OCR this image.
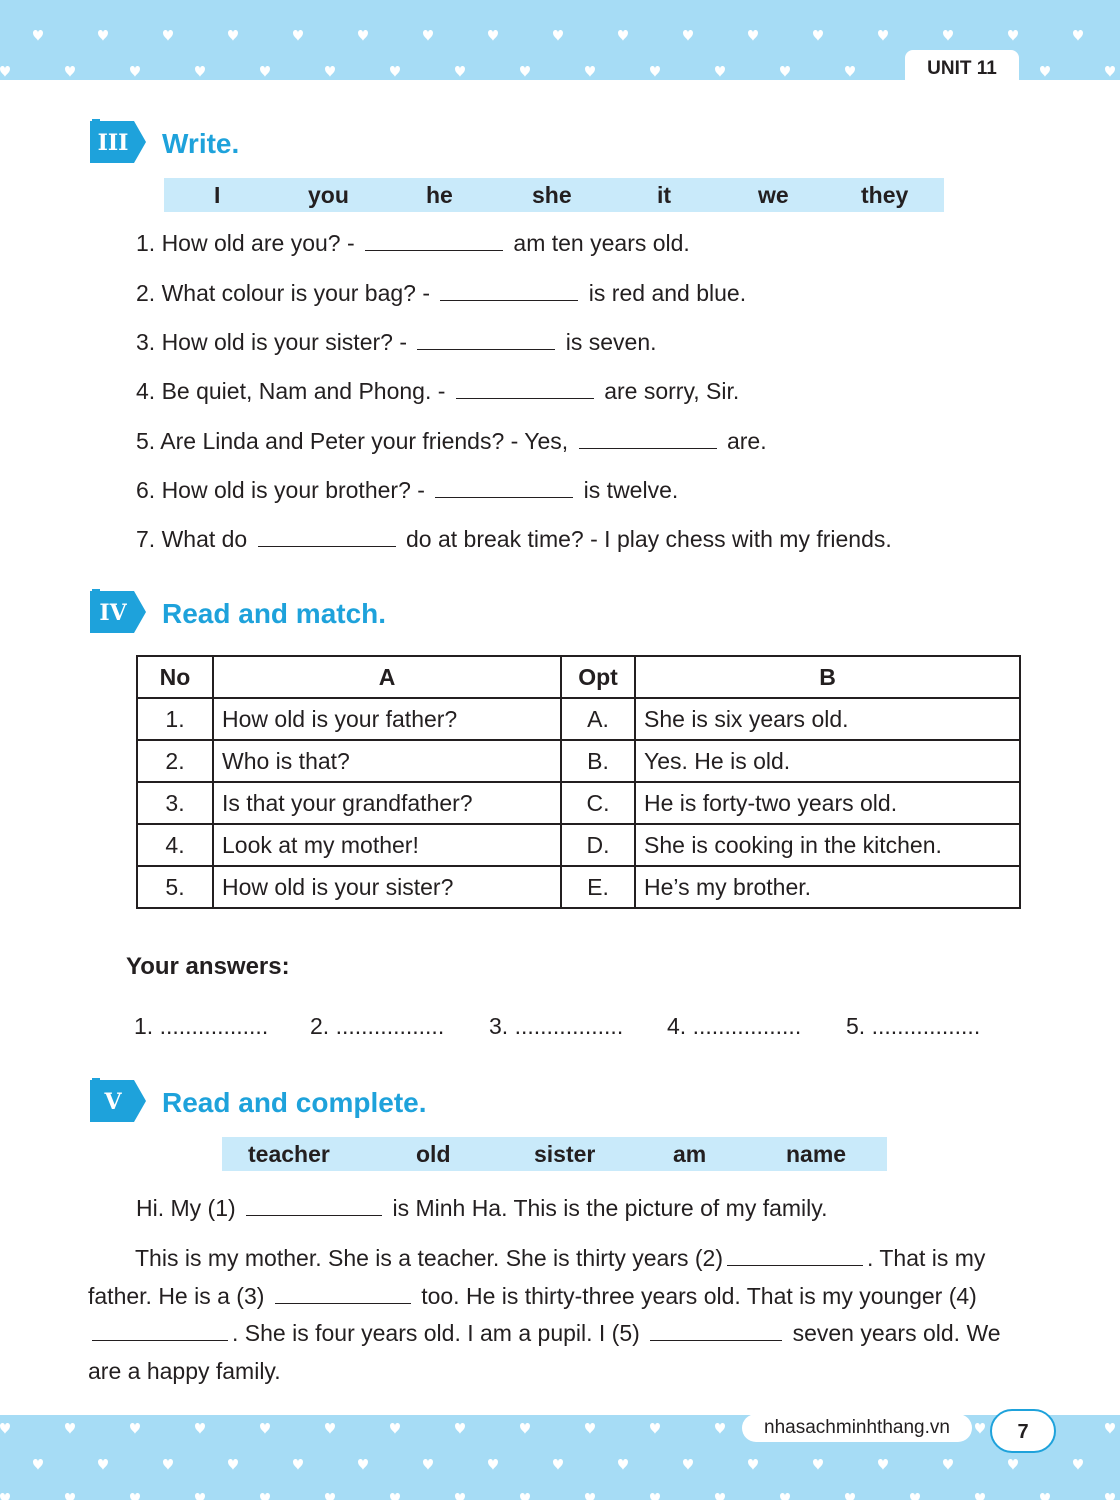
UNIT 11
III	Write.
I	you	he	she	it	we	they
1. How old are you? -	am ten years old.
2. What colour is your bag? -	is red and blue.
3. How old is your sister? -	is seven.
4. Be quiet, Nam and Phong. -	are sorry, Sir.
5. Are Linda and Peter your friends? - Yes,	are.
6. How old is your brother? -	is twelve.
7. What do	do at break time? - I play chess with my friends.
IV	Read and match.
No	A	Opt	B
1.	How old is your father?	A.	She is six years old.
2.	Who is that?	B.	Yes. He is old.
3.	Is that your grandfather?	C.	He is forty-two years old.
4.	Look at my mother!	D.	She is cooking in the kitchen.
5.	How old is your sister?	E.	He’s my brother.
Your answers:
1. ................. 2. ................. 3. ................. 4. ................. 5. .................
V	Read and complete.
teacher	old	sister	am	name
Hi. My (1)	is Minh Ha. This is the picture of my family.
This is my mother. She is a teacher. She is thirty years (2)	. That is my father. He is a (3)	too. He is thirty-three years old. That is my younger (4) . She is four years old. I am a pupil. I (5)	seven years old. We are a happy family.
nhasachminhthang.vn	7
